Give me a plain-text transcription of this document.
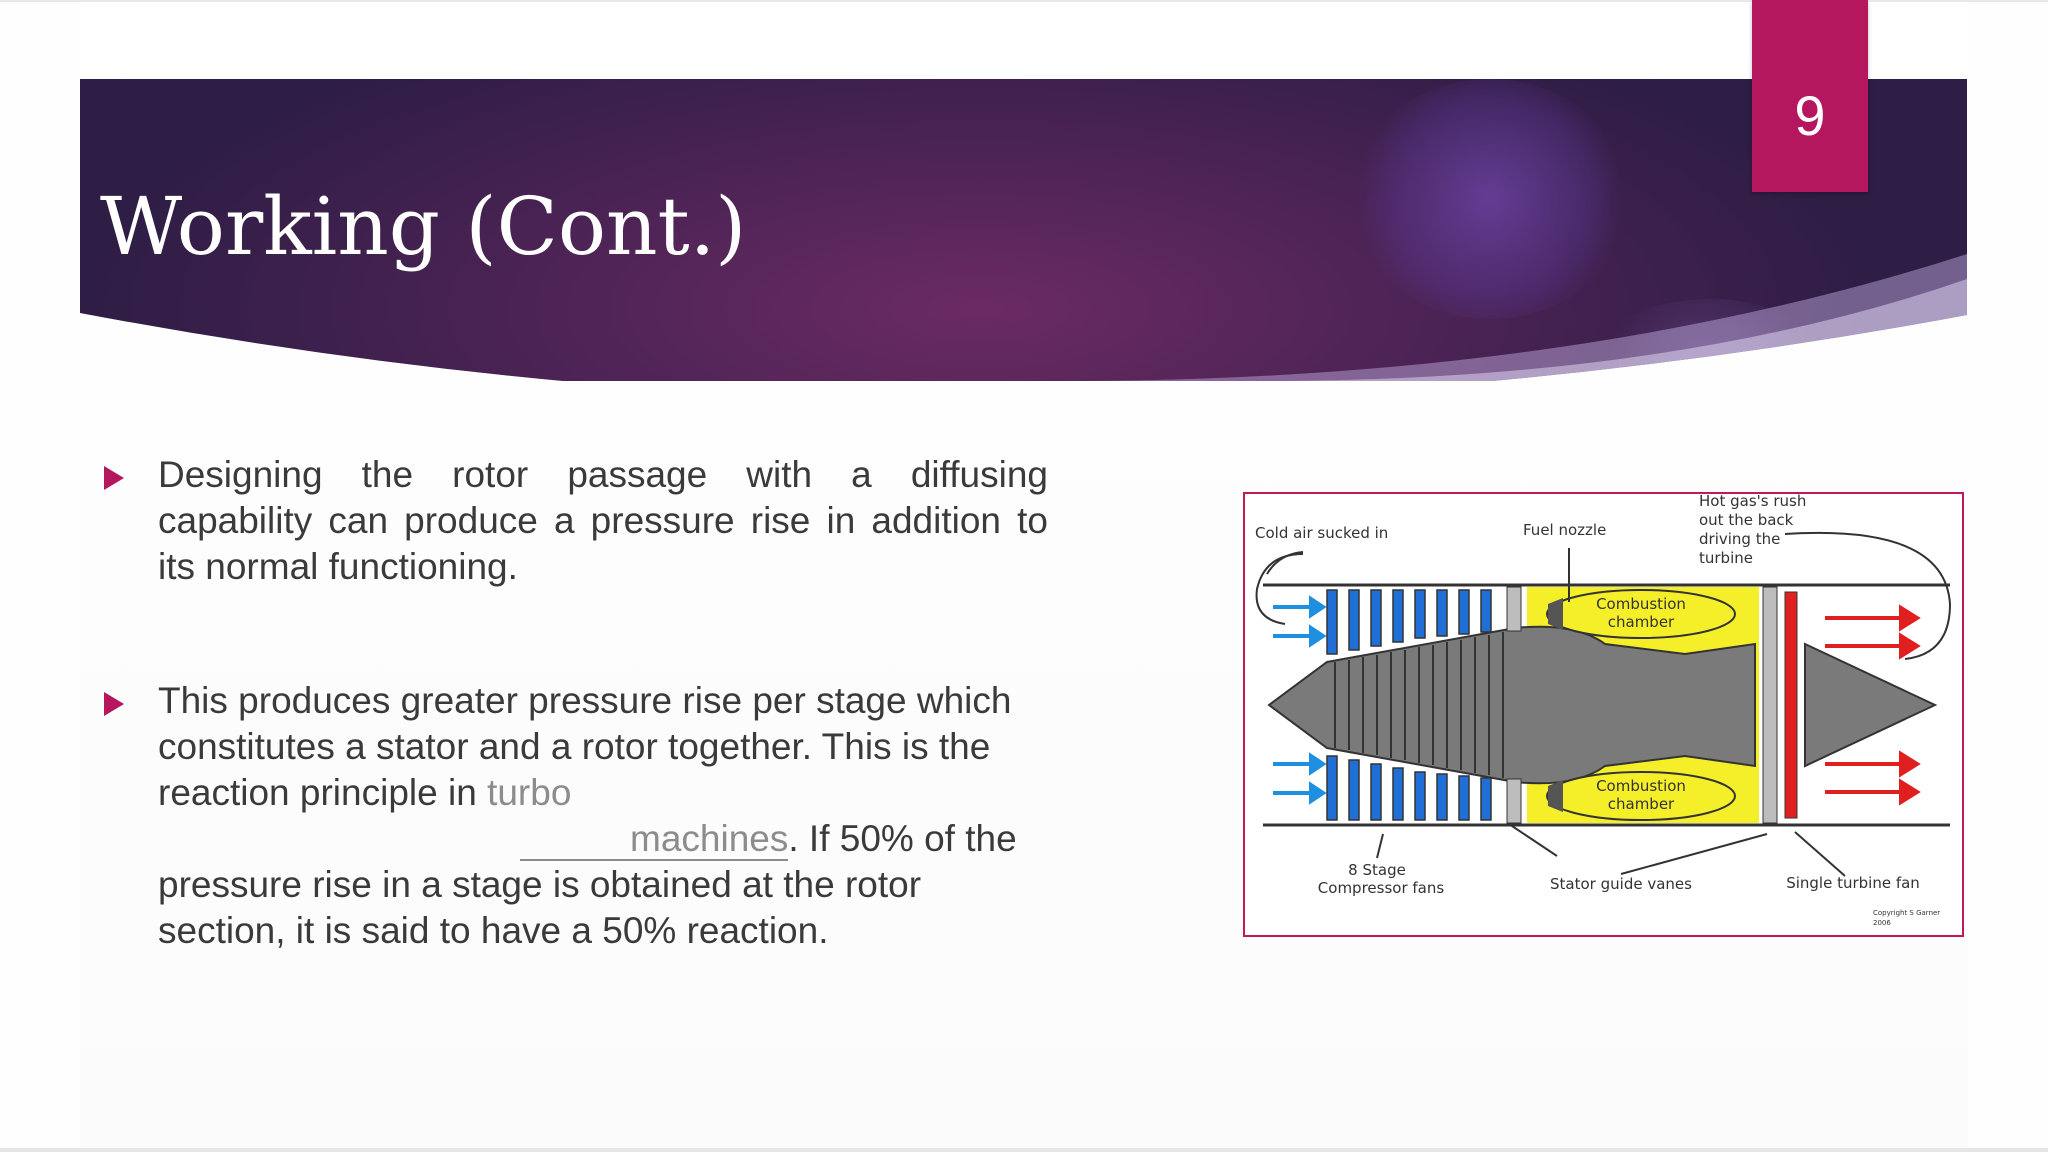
Working (Cont.)
9
Designing the rotor passage with a diffusing
capability can produce a pressure rise in addition to its normal functioning.
This produces greater pressure rise per stage which constitutes a stator and a rotor together. This is the reaction principle in turbo
machines. If 50% of the pressure rise in a stage is obtained at the rotor section, it is said to have a 50% reaction.
Cold air sucked in	Fuel nozzle
Hot gas's rush
out the back
driving the
turbine
Combustion
chamber
Combustion
chamber
8 Stage
Compressor fans	Stator guide vanes	Single turbine fan
Copyright S Garner
2006
